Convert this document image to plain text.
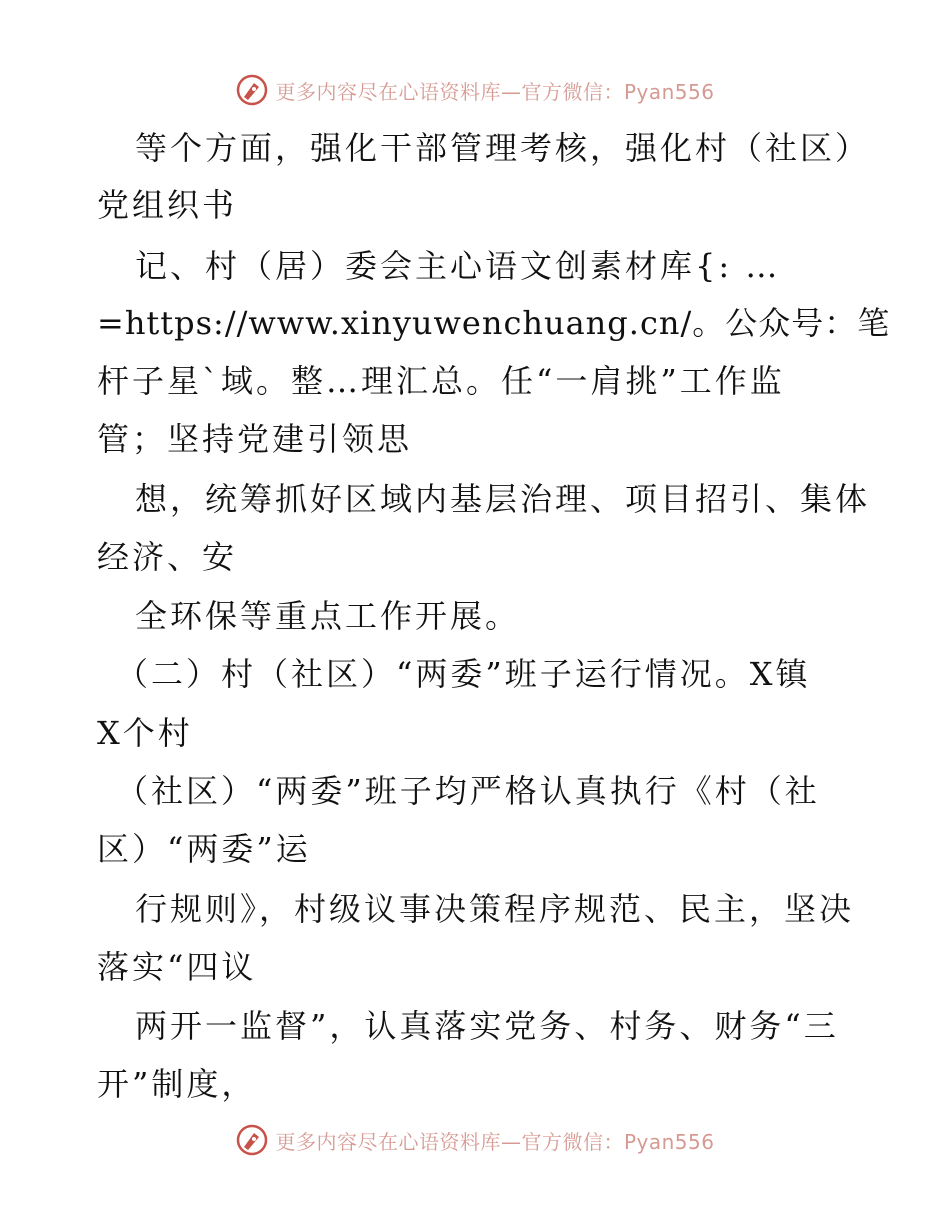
更多内容尽在心语资料库—官方微信：Pyan556
等个方面，强化干部管理考核，强化村（社区）
党组织书
记、村（居）委会主心语文创素材库{: …
=https://www.xinyuwenchuang.cn/。公众号：笔
杆子星`域。整…理汇总。任“一肩挑”工作监
管；坚持党建引领思
想，统筹抓好区域内基层治理、项目招引、集体
经济、安
全环保等重点工作开展。
（二）村（社区）“两委”班子运行情况。X镇
X个村
（社区）“两委”班子均严格认真执行《村（社
区）“两委”运
行规则》，村级议事决策程序规范、民主，坚决
落实“四议
两开一监督”，认真落实党务、村务、财务“三
开”制度，
更多内容尽在心语资料库—官方微信：Pyan556
